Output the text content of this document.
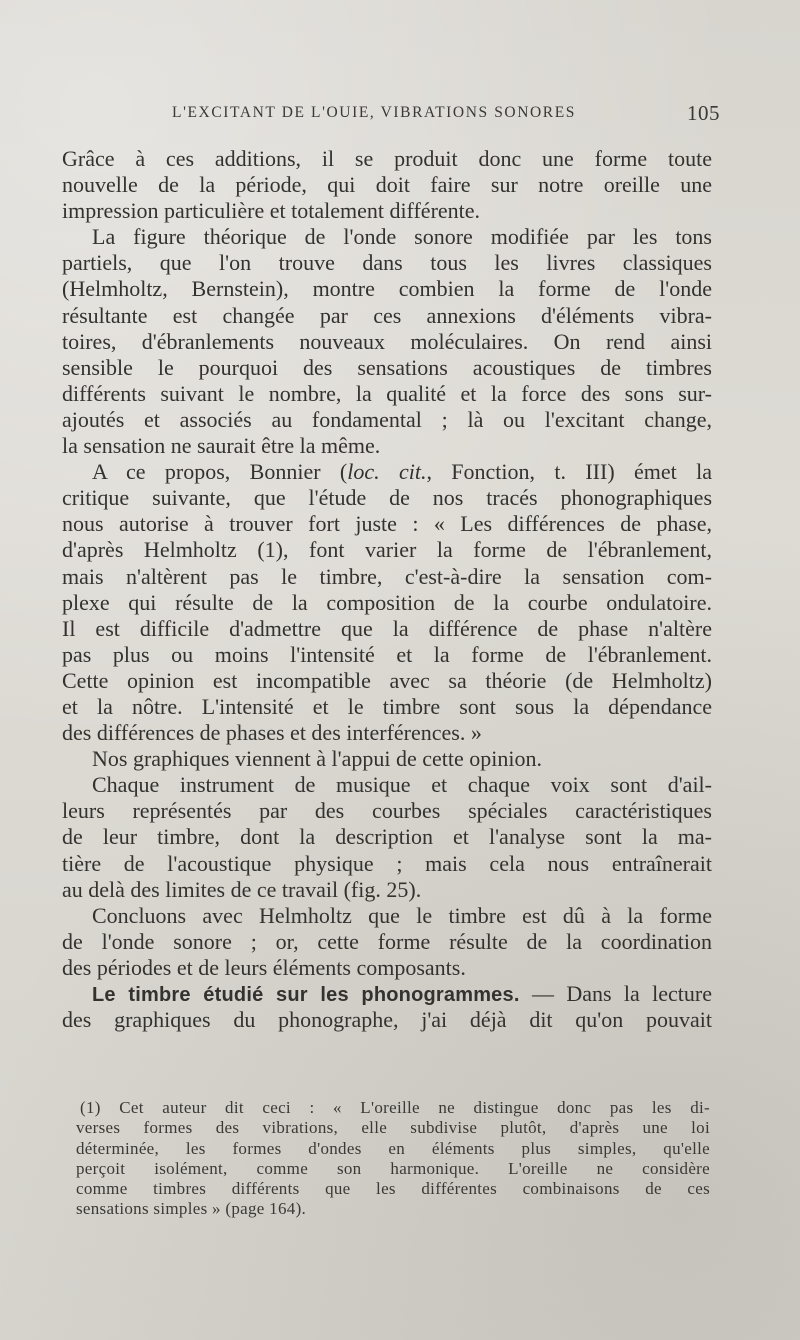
L'EXCITANT DE L'OUIE, VIBRATIONS SONORES	105
Grâce à ces additions, il se produit donc une forme toute
nouvelle de la période, qui doit faire sur notre oreille une
impression particulière et totalement différente.
La figure théorique de l'onde sonore modifiée par les tons
partiels, que l'on trouve dans tous les livres classiques
(Helmholtz, Bernstein), montre combien la forme de l'onde
résultante est changée par ces annexions d'éléments vibra-
toires, d'ébranlements nouveaux moléculaires. On rend ainsi
sensible le pourquoi des sensations acoustiques de timbres
différents suivant le nombre, la qualité et la force des sons sur-
ajoutés et associés au fondamental ; là ou l'excitant change,
la sensation ne saurait être la même.
A ce propos, Bonnier (loc. cit., Fonction, t. III) émet la
critique suivante, que l'étude de nos tracés phonographiques
nous autorise à trouver fort juste : « Les différences de phase,
d'après Helmholtz (1), font varier la forme de l'ébranlement,
mais n'altèrent pas le timbre, c'est-à-dire la sensation com-
plexe qui résulte de la composition de la courbe ondulatoire.
Il est difficile d'admettre que la différence de phase n'altère
pas plus ou moins l'intensité et la forme de l'ébranlement.
Cette opinion est incompatible avec sa théorie (de Helmholtz)
et la nôtre. L'intensité et le timbre sont sous la dépendance
des différences de phases et des interférences. »
Nos graphiques viennent à l'appui de cette opinion.
Chaque instrument de musique et chaque voix sont d'ail-
leurs représentés par des courbes spéciales caractéristiques
de leur timbre, dont la description et l'analyse sont la ma-
tière de l'acoustique physique ; mais cela nous entraînerait
au delà des limites de ce travail (fig. 25).
Concluons avec Helmholtz que le timbre est dû à la forme
de l'onde sonore ; or, cette forme résulte de la coordination
des périodes et de leurs éléments composants.
Le timbre étudié sur les phonogrammes. — Dans la lecture
des graphiques du phonographe, j'ai déjà dit qu'on pouvait
(1) Cet auteur dit ceci : « L'oreille ne distingue donc pas les di-
verses formes des vibrations, elle subdivise plutôt, d'après une loi
déterminée, les formes d'ondes en éléments plus simples, qu'elle
perçoit isolément, comme son harmonique. L'oreille ne considère
comme timbres différents que les différentes combinaisons de ces
sensations simples » (page 164).
